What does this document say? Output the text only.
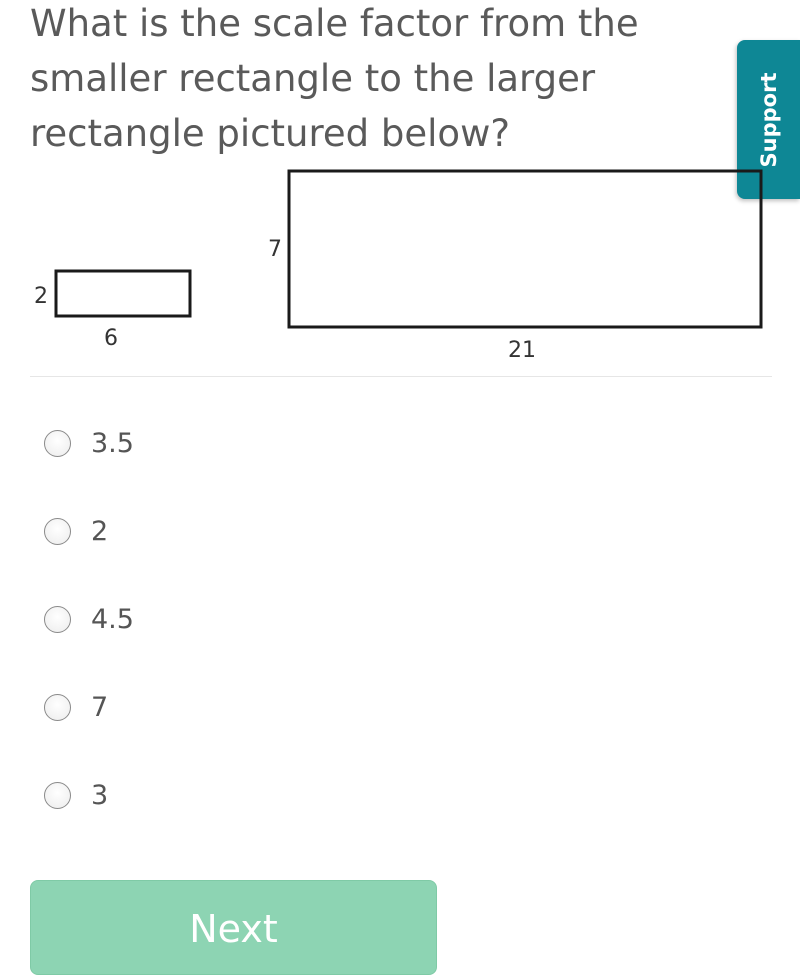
What is the scale factor from the smaller rectangle to the larger rectangle pictured below?	Support
2
6
7
21
3.5
2
4.5
7
3
Next
